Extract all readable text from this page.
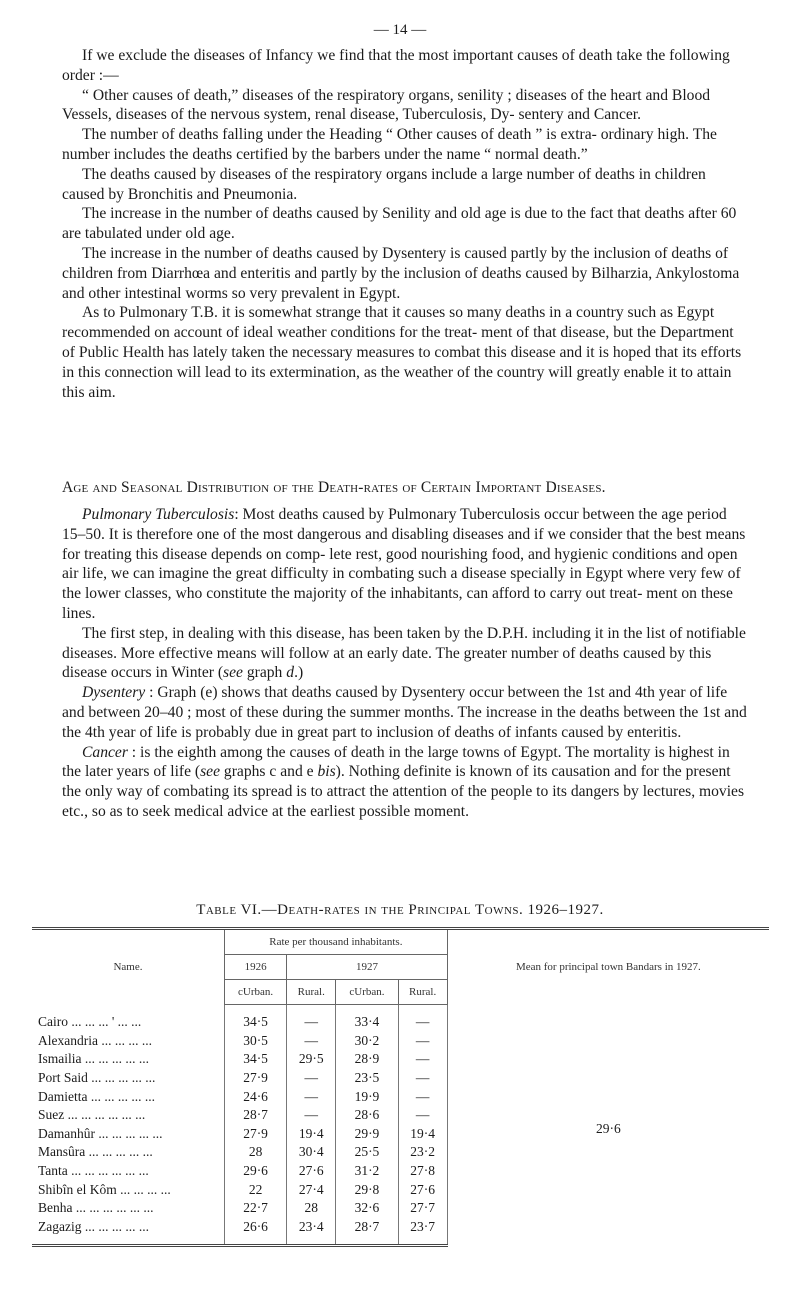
— 14 —

If we exclude the diseases of Infancy we find that the most important causes of death take the following order :—

“ Other causes of death,” diseases of the respiratory organs, senility ; diseases of the heart and Blood Vessels, diseases of the nervous system, renal disease, Tuberculosis, Dy- sentery and Cancer.

The number of deaths falling under the Heading “ Other causes of death ” is extra- ordinary high. The number includes the deaths certified by the barbers under the name “ normal death.”

The deaths caused by diseases of the respiratory organs include a large number of deaths in children caused by Bronchitis and Pneumonia.

The increase in the number of deaths caused by Senility and old age is due to the fact that deaths after 60 are tabulated under old age.

The increase in the number of deaths caused by Dysentery is caused partly by the inclusion of deaths of children from Diarrhœa and enteritis and partly by the inclusion of deaths caused by Bilharzia, Ankylostoma and other intestinal worms so very prevalent in Egypt.

As to Pulmonary T.B. it is somewhat strange that it causes so many deaths in a country such as Egypt recommended on account of ideal weather conditions for the treat- ment of that disease, but the Department of Public Health has lately taken the necessary measures to combat this disease and it is hoped that its efforts in this connection will lead to its extermination, as the weather of the country will greatly enable it to attain this aim.

Age and Seasonal Distribution of the Death-rates of Certain Important Diseases.

Pulmonary Tuberculosis: Most deaths caused by Pulmonary Tuberculosis occur between the age period 15–50. It is therefore one of the most dangerous and disabling diseases and if we consider that the best means for treating this disease depends on comp- lete rest, good nourishing food, and hygienic conditions and open air life, we can imagine the great difficulty in combating such a disease specially in Egypt where very few of the lower classes, who constitute the majority of the inhabitants, can afford to carry out treat- ment on these lines.

The first step, in dealing with this disease, has been taken by the D.P.H. including it in the list of notifiable diseases. More effective means will follow at an early date. The greater number of deaths caused by this disease occurs in Winter (see graph d.)

Dysentery : Graph (e) shows that deaths caused by Dysentery occur between the 1st and 4th year of life and between 20–40 ; most of these during the summer months. The increase in the deaths between the 1st and the 4th year of life is probably due in great part to inclusion of deaths of infants caused by enteritis.

Cancer : is the eighth among the causes of death in the large towns of Egypt. The mortality is highest in the later years of life (see graphs c and e bis). Nothing definite is known of its causation and for the present the only way of combating its spread is to attract the attention of the people to its dangers by lectures, movies etc., so as to seek medical advice at the earliest possible moment.

Table VI.—Death-rates in the Principal Towns. 1926–1927.
Name.	Rate per thousand inhabitants.				Mean for principal town Bandars in 1927.
	1926	1927			
	cUrban.	Rural.	cUrban.	Rural.	
Cairo ... ... ... ' ... ...	34·5	—	33·4	—	29·6
Alexandria ... ... ... ...	30·5	—	30·2	—	
Ismailia ... ... ... ... ...	34·5	29·5	28·9	—	
Port Said ... ... ... ... ...	27·9	—	23·5	—	
Damietta ... ... ... ... ...	24·6	—	19·9	—	
Suez ... ... ... ... ... ...	28·7	—	28·6	—	
Damanhûr ... ... ... ... ...	27·9	19·4	29·9	19·4	
Mansûra ... ... ... ... ...	28	30·4	25·5	23·2	
Tanta ... ... ... ... ... ...	29·6	27·6	31·2	27·8	
Shibîn el Kôm ... ... ... ...	22	27·4	29·8	27·6	
Benha ... ... ... ... ... ...	22·7	28	32·6	27·7	
Zagazig ... ... ... ... ...	26·6	23·4	28·7	23·7	
